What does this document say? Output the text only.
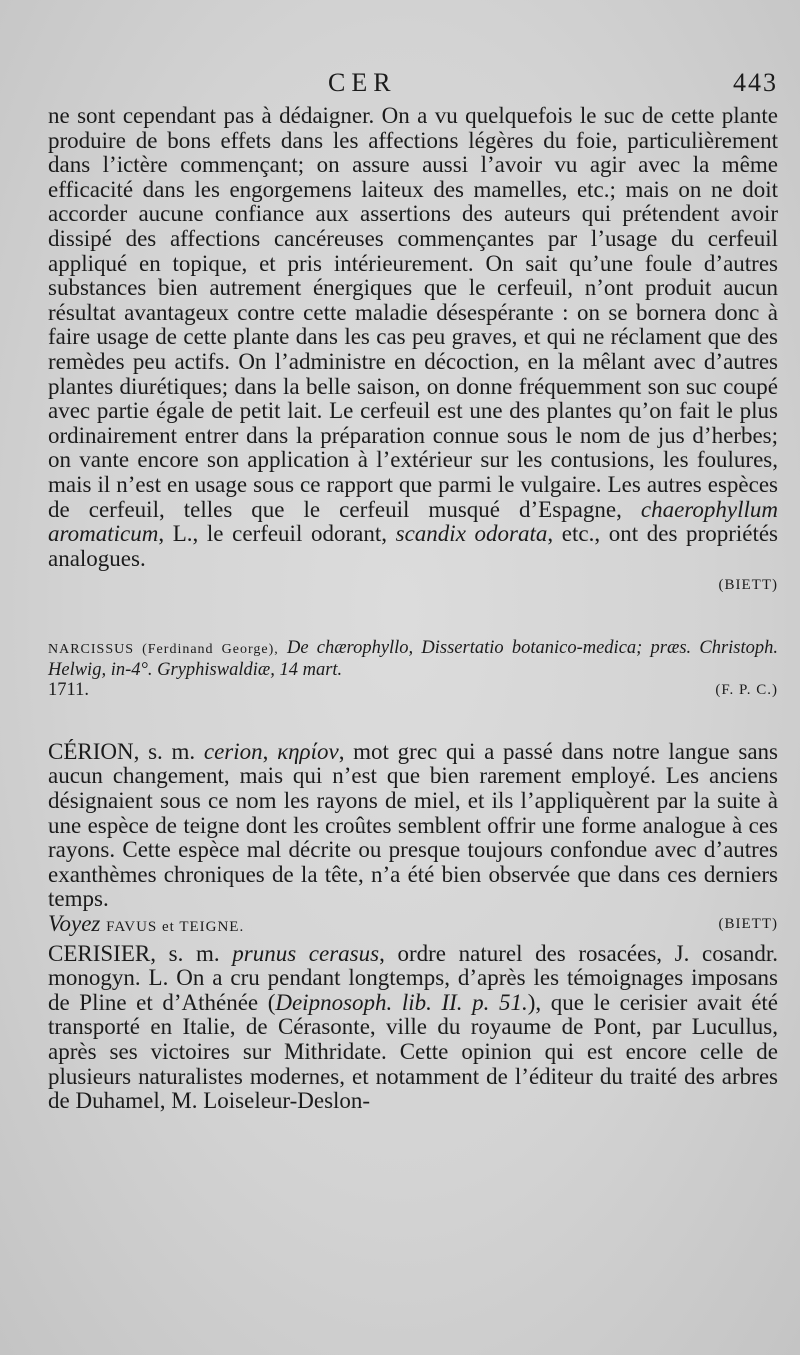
CER	443

ne sont cependant pas à dédaigner. On a vu quelquefois le suc de cette plante produire de bons effets dans les affections légères du foie, particulièrement dans l’ictère commençant; on assure aussi l’avoir vu agir avec la même efficacité dans les engorgemens laiteux des mamelles, etc.; mais on ne doit accorder aucune confiance aux assertions des auteurs qui prétendent avoir dissipé des affections cancéreuses commençantes par l’usage du cerfeuil appliqué en topique, et pris intérieurement. On sait qu’une foule d’autres substances bien autrement énergiques que le cerfeuil, n’ont produit aucun résultat avantageux contre cette maladie désespérante : on se bornera donc à faire usage de cette plante dans les cas peu graves, et qui ne réclament que des remèdes peu actifs. On l’administre en décoction, en la mêlant avec d’autres plantes diurétiques; dans la belle saison, on donne fréquemment son suc coupé avec partie égale de petit lait. Le cerfeuil est une des plantes qu’on fait le plus ordinairement entrer dans la préparation connue sous le nom de jus d’herbes; on vante encore son application à l’extérieur sur les contusions, les foulures, mais il n’est en usage sous ce rapport que parmi le vulgaire. Les autres espèces de cerfeuil, telles que le cerfeuil musqué d’Espagne, chaerophyllum aromaticum, L., le cerfeuil odorant, scandix odorata, etc., ont des propriétés analogues.

(BIETT)
NARCISSUS (Ferdinand George), De chærophyllo, Dissertatio botanico-medica; præs. Christoph. Helwig, in-4°. Gryphiswaldiæ, 14 mart.
1711.	(F. P. C.)

CÉRION, s. m. cerion, κηρίον, mot grec qui a passé dans notre langue sans aucun changement, mais qui n’est que bien rarement employé. Les anciens désignaient sous ce nom les rayons de miel, et ils l’appliquèrent par la suite à une espèce de teigne dont les croûtes semblent offrir une forme analogue à ces rayons. Cette espèce mal décrite ou presque toujours confondue avec d’autres exanthèmes chroniques de la tête, n’a été bien observée que dans ces derniers temps.

Voyez FAVUS et TEIGNE.	(BIETT)

CERISIER, s. m. prunus cerasus, ordre naturel des rosacées, J. cosandr. monogyn. L. On a cru pendant longtemps, d’après les témoignages imposans de Pline et d’Athénée (Deipnosoph. lib. II. p. 51.), que le cerisier avait été transporté en Italie, de Cérasonte, ville du royaume de Pont, par Lucullus, après ses victoires sur Mithridate. Cette opinion qui est encore celle de plusieurs naturalistes modernes, et notamment de l’éditeur du traité des arbres de Duhamel, M. Loiseleur-Deslon-
